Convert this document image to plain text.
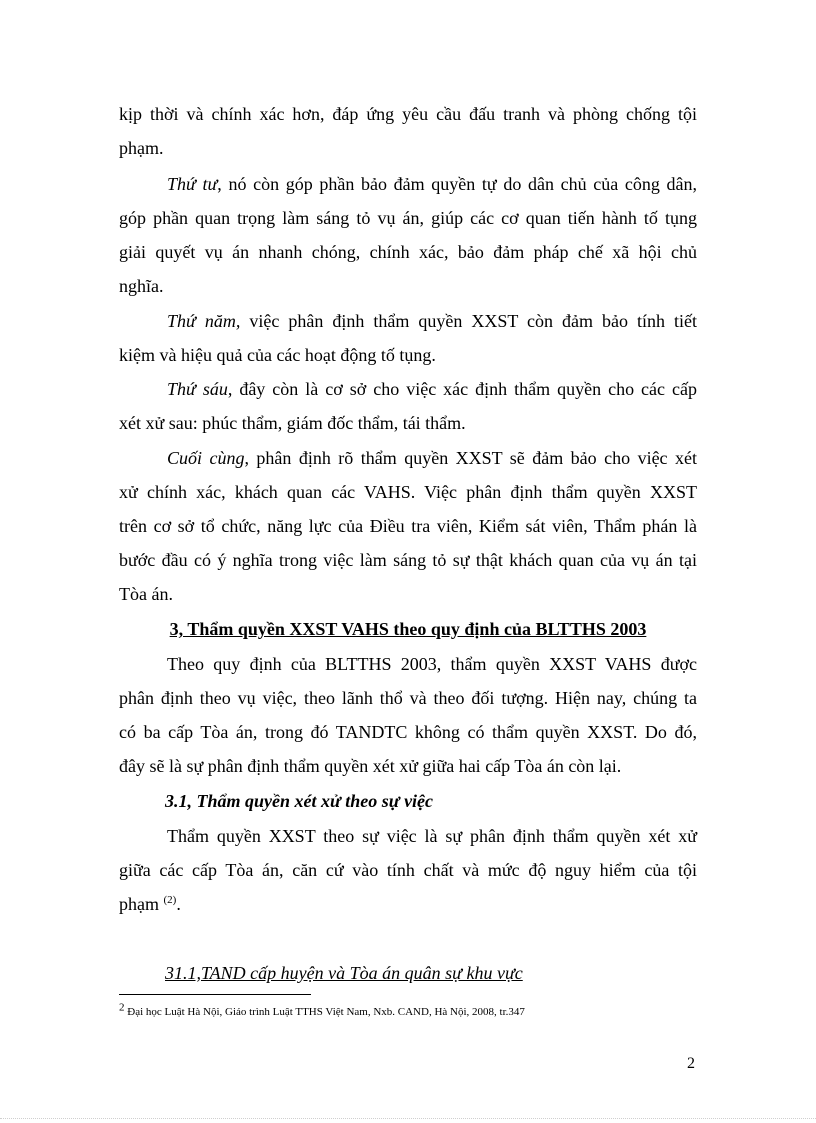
kịp thời và chính xác hơn, đáp ứng yêu cầu đấu tranh và phòng chống tội
phạm.
Thứ tư, nó còn góp phần bảo đảm quyền tự do dân chủ của công dân,
góp phần quan trọng làm sáng tỏ vụ án, giúp các cơ quan tiến hành tố tụng
giải quyết vụ án nhanh chóng, chính xác, bảo đảm pháp chế xã hội chủ
nghĩa.
Thứ năm, việc phân định thẩm quyền XXST còn đảm bảo tính tiết
kiệm và hiệu quả của các hoạt động tố tụng.
Thứ sáu, đây còn là cơ sở cho việc xác định thẩm quyền cho các cấp
xét xử sau: phúc thẩm, giám đốc thẩm, tái thẩm.
Cuối cùng, phân định rõ thẩm quyền XXST sẽ đảm bảo cho việc xét
xử chính xác, khách quan các VAHS. Việc phân định thẩm quyền XXST
trên cơ sở tổ chức, năng lực của Điều tra viên, Kiểm sát viên, Thẩm phán là
bước đầu có ý nghĩa trong việc làm sáng tỏ sự thật khách quan của vụ án tại
Tòa án.
3, Thẩm quyền XXST VAHS theo quy định của BLTTHS 2003
Theo quy định của BLTTHS 2003, thẩm quyền XXST VAHS được
phân định theo vụ việc, theo lãnh thổ và theo đối tượng. Hiện nay, chúng ta
có ba cấp Tòa án, trong đó TANDTC không có thẩm quyền XXST. Do đó,
đây sẽ là sự phân định thẩm quyền xét xử giữa hai cấp Tòa án còn lại.
3.1, Thẩm quyền xét xử theo sự việc
Thẩm quyền XXST theo sự việc là sự phân định thẩm quyền xét xử
giữa các cấp Tòa án, căn cứ vào tính chất và mức độ nguy hiểm của tội
phạm $^{(2)}$.
31.1,TAND cấp huyện và Tòa án quân sự khu vực
$^2$ Đại học Luật Hà Nội, Giáo trình Luật TTHS Việt Nam, Nxb. CAND, Hà Nội, 2008, tr.347
2
